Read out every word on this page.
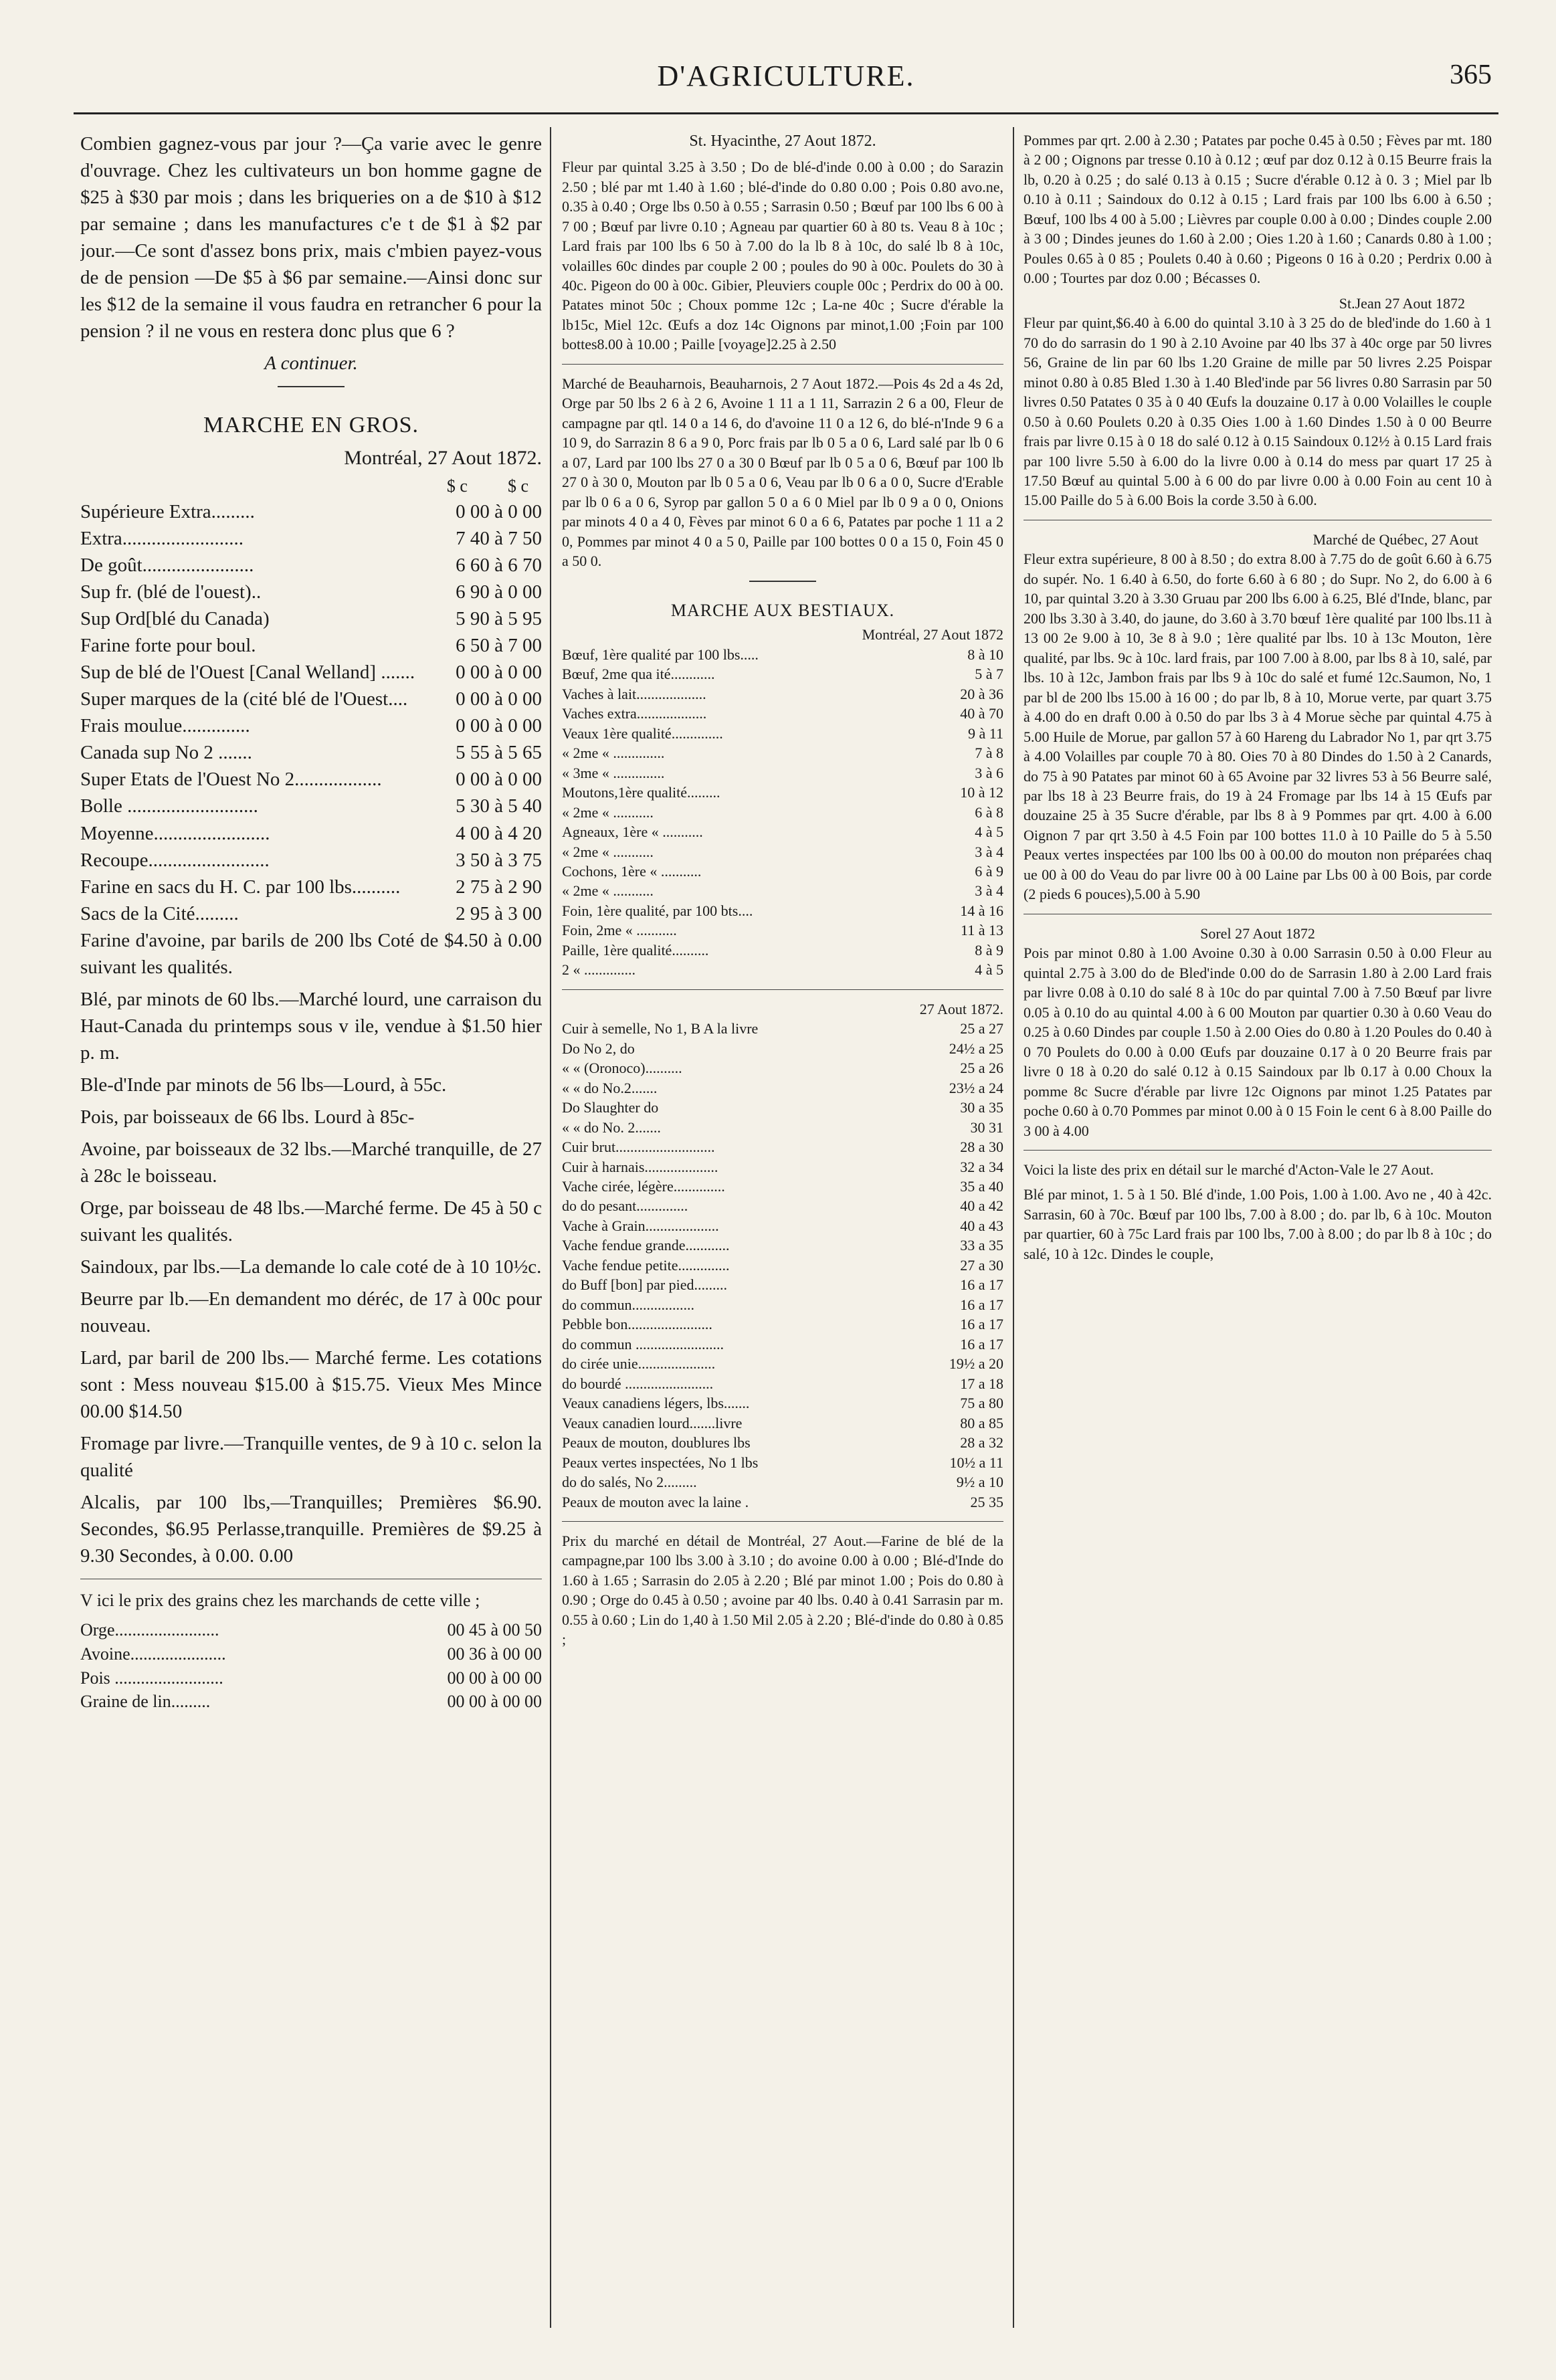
D'AGRICULTURE.	365

Combien gagnez-vous par jour ?—Ça varie avec le genre d'ouvrage. Chez les cultivateurs un bon homme gagne de $25 à $30 par mois ; dans les briqueries on a de $10 à $12 par semaine ; dans les manufactures c'e t de $1 à $2 par jour.—Ce sont d'assez bons prix, mais c'mbien payez-vous de de pension —De $5 à $6 par semaine.—Ainsi donc sur les $12 de la semaine il vous faudra en retrancher 6 pour la pension ? il ne vous en restera donc plus que 6 ?

A continuer.

MARCHE EN GROS.
Montréal, 27 Aout 1872.
$ c $ c
Supérieure Extra.........	0 00 à 0 00
Extra.........................	7 40 à 7 50
De goût.......................	6 60 à 6 70
Sup fr. (blé de l'ouest)..	6 90 à 0 00
Sup Ord[blé du Canada)	5 90 à 5 95
Farine forte pour boul.	6 50 à 7 00
Sup de blé de l'Ouest [Canal Welland] .......	0 00 à 0 00
Super marques de la (cité blé de l'Ouest....	0 00 à 0 00
Frais moulue..............	0 00 à 0 00
Canada sup No 2 .......	5 55 à 5 65
Super Etats de l'Ouest No 2..................	0 00 à 0 00
Bolle ...........................	5 30 à 5 40
Moyenne........................	4 00 à 4 20
Recoupe.........................	3 50 à 3 75
Farine en sacs du H. C. par 100 lbs..........	2 75 à 2 90
Sacs de la Cité.........	2 95 à 3 00

Farine d'avoine, par barils de 200 lbs Coté de $4.50 à 0.00 suivant les qualités.

Blé, par minots de 60 lbs.—Marché lourd, une carraison du Haut-Canada du printemps sous v ile, vendue à $1.50 hier p. m.

Ble-d'Inde par minots de 56 lbs—Lourd, à 55c.

Pois, par boisseaux de 66 lbs. Lourd à 85c-

Avoine, par boisseaux de 32 lbs.—Marché tranquille, de 27 à 28c le boisseau.

Orge, par boisseau de 48 lbs.—Marché ferme. De 45 à 50 c suivant les qualités.

Saindoux, par lbs.—La demande lo cale coté de à 10 10½c.

Beurre par lb.—En demandent mo déréc, de 17 à 00c pour nouveau.

Lard, par baril de 200 lbs.— Marché ferme. Les cotations sont : Mess nouveau $15.00 à $15.75. Vieux Mes Mince 00.00 $14.50

Fromage par livre.—Tranquille ventes, de 9 à 10 c. selon la qualité

Alcalis, par 100 lbs,—Tranquilles; Premières $6.90. Secondes, $6.95 Perlasse,tranquille. Premières de $9.25 à 9.30 Secondes, à 0.00. 0.00

V ici le prix des grains chez les marchands de cette ville ;

Orge........................	00 45 à 00 50
Avoine......................	00 36 à 00 00
Pois .........................	00 00 à 00 00
Graine de lin.........	00 00 à 00 00

St. Hyacinthe, 27 Aout 1872.

Fleur par quintal 3.25 à 3.50 ; Do de blé-d'inde 0.00 à 0.00 ; do Sarazin 2.50 ; blé par mt 1.40 à 1.60 ; blé-d'inde do 0.80 0.00 ; Pois 0.80 avo.ne, 0.35 à 0.40 ; Orge lbs 0.50 à 0.55 ; Sarrasin 0.50 ; Bœuf par 100 lbs 6 00 à 7 00 ; Bœuf par livre 0.10 ; Agneau par quartier 60 à 80 ts. Veau 8 à 10c ; Lard frais par 100 lbs 6 50 à 7.00 do la lb 8 à 10c, do salé lb 8 à 10c, volailles 60c dindes par couple 2 00 ; poules do 90 à 00c. Poulets do 30 à 40c. Pigeon do 00 à 00c. Gibier, Pleuviers couple 00c ; Perdrix do 00 à 00. Patates minot 50c ; Choux pomme 12c ; La-ne 40c ; Sucre d'érable la lb15c, Miel 12c. Œufs a doz 14c Oignons par minot,1.00 ;Foin par 100 bottes8.00 à 10.00 ; Paille [voyage]2.25 à 2.50

Marché de Beauharnois, Beauharnois, 2 7 Aout 1872.—Pois 4s 2d a 4s 2d, Orge par 50 lbs 2 6 à 2 6, Avoine 1 11 a 1 11, Sarrazin 2 6 a 00, Fleur de campagne par qtl. 14 0 a 14 6, do d'avoine 11 0 a 12 6, do blé-n'Inde 9 6 a 10 9, do Sarrazin 8 6 a 9 0, Porc frais par lb 0 5 a 0 6, Lard salé par lb 0 6 a 07, Lard par 100 lbs 27 0 a 30 0 Bœuf par lb 0 5 a 0 6, Bœuf par 100 lb 27 0 à 30 0, Mouton par lb 0 5 a 0 6, Veau par lb 0 6 a 0 0, Sucre d'Erable par lb 0 6 a 0 6, Syrop par gallon 5 0 a 6 0 Miel par lb 0 9 a 0 0, Onions par minots 4 0 a 4 0, Fèves par minot 6 0 a 6 6, Patates par poche 1 11 a 2 0, Pommes par minot 4 0 a 5 0, Paille par 100 bottes 0 0 a 15 0, Foin 45 0 a 50 0.

MARCHE AUX BESTIAUX.
Montréal, 27 Aout 1872
Bœuf, 1ère qualité par 100 lbs.....	8 à 10
Bœuf, 2me qua ité............	5 à 7
Vaches à lait...................	20 à 36
Vaches extra...................	40 à 70
Veaux 1ère qualité..............	9 à 11
« 2me « ..............	7 à 8
« 3me « ..............	3 à 6
Moutons,1ère qualité.........	10 à 12
« 2me « ...........	6 à 8
Agneaux, 1ère « ...........	4 à 5
« 2me « ...........	3 à 4
Cochons, 1ère « ...........	6 à 9
« 2me « ...........	3 à 4
Foin, 1ère qualité, par 100 bts....	14 à 16
Foin, 2me « ...........	11 à 13
Paille, 1ère qualité..........	8 à 9
2 « ..............	4 à 5
27 Aout 1872.
Cuir à semelle, No 1, B A la livre	25 a 27
Do No 2, do	24½ a 25
« « (Oronoco)..........	25 a 26
« « do No.2.......	23½ a 24
Do Slaughter do	30 a 35
« « do No. 2.......	30 31
Cuir brut...........................	28 a 30
Cuir à harnais....................	32 a 34
Vache cirée, légère..............	35 a 40
do do pesant..............	40 a 42
Vache à Grain....................	40 a 43
Vache fendue grande............	33 a 35
Vache fendue petite..............	27 a 30
do Buff [bon] par pied.........	16 a 17
do commun.................	16 a 17
Pebble bon.......................	16 a 17
do commun ........................	16 a 17
do cirée unie.....................	19½ a 20
do bourdé ........................	17 a 18
Veaux canadiens légers, lbs.......	75 a 80
Veaux canadien lourd.......livre	80 a 85
Peaux de mouton, doublures lbs	28 a 32
Peaux vertes inspectées, No 1 lbs	10½ a 11
do do salés, No 2.........	9½ a 10
Peaux de mouton avec la laine .	25 35

Prix du marché en détail de Montréal, 27 Aout.—Farine de blé de la campagne,par 100 lbs 3.00 à 3.10 ; do avoine 0.00 à 0.00 ; Blé-d'Inde do 1.60 à 1.65 ; Sarrasin do 2.05 à 2.20 ; Blé par minot 1.00 ; Pois do 0.80 à 0.90 ; Orge do 0.45 à 0.50 ; avoine par 40 lbs. 0.40 à 0.41 Sarrasin par m. 0.55 à 0.60 ; Lin do 1,40 à 1.50 Mil 2.05 à 2.20 ; Blé-d'inde do 0.80 à 0.85 ;

Pommes par qrt. 2.00 à 2.30 ; Patates par poche 0.45 à 0.50 ; Fèves par mt. 180 à 2 00 ; Oignons par tresse 0.10 à 0.12 ; œuf par doz 0.12 à 0.15 Beurre frais la lb, 0.20 à 0.25 ; do salé 0.13 à 0.15 ; Sucre d'érable 0.12 à 0. 3 ; Miel par lb 0.10 à 0.11 ; Saindoux do 0.12 à 0.15 ; Lard frais par 100 lbs 6.00 à 6.50 ; Bœuf, 100 lbs 4 00 à 5.00 ; Lièvres par couple 0.00 à 0.00 ; Dindes couple 2.00 à 3 00 ; Dindes jeunes do 1.60 à 2.00 ; Oies 1.20 à 1.60 ; Canards 0.80 à 1.00 ; Poules 0.65 à 0 85 ; Poulets 0.40 à 0.60 ; Pigeons 0 16 à 0.20 ; Perdrix 0.00 à 0.00 ; Tourtes par doz 0.00 ; Bécasses 0.

St.Jean 27 Aout 1872

Fleur par quint,$6.40 à 6.00 do quintal 3.10 à 3 25 do de bled'inde do 1.60 à 1 70 do do sarrasin do 1 90 à 2.10 Avoine par 40 lbs 37 à 40c orge par 50 livres 56, Graine de lin par 60 lbs 1.20 Graine de mille par 50 livres 2.25 Poispar minot 0.80 à 0.85 Bled 1.30 à 1.40 Bled'inde par 56 livres 0.80 Sarrasin par 50 livres 0.50 Patates 0 35 à 0 40 Œufs la douzaine 0.17 à 0.00 Volailles le couple 0.50 à 0.60 Poulets 0.20 à 0.35 Oies 1.00 à 1.60 Dindes 1.50 à 0 00 Beurre frais par livre 0.15 à 0 18 do salé 0.12 à 0.15 Saindoux 0.12½ à 0.15 Lard frais par 100 livre 5.50 à 6.00 do la livre 0.00 à 0.14 do mess par quart 17 25 à 17.50 Bœuf au quintal 5.00 à 6 00 do par livre 0.00 à 0.00 Foin au cent 10 à 15.00 Paille do 5 à 6.00 Bois la corde 3.50 à 6.00.

Marché de Québec, 27 Aout

Fleur extra supérieure, 8 00 à 8.50 ; do extra 8.00 à 7.75 do de goût 6.60 à 6.75 do supér. No. 1 6.40 à 6.50, do forte 6.60 à 6 80 ; do Supr. No 2, do 6.00 à 6 10, par quintal 3.20 à 3.30 Gruau par 200 lbs 6.00 à 6.25, Blé d'Inde, blanc, par 200 lbs 3.30 à 3.40, do jaune, do 3.60 à 3.70 bœuf 1ère qualité par 100 lbs.11 à 13 00 2e 9.00 à 10, 3e 8 à 9.0 ; 1ère qualité par lbs. 10 à 13c Mouton, 1ère qualité, par lbs. 9c à 10c. lard frais, par 100 7.00 à 8.00, par lbs 8 à 10, salé, par lbs. 10 à 12c, Jambon frais par lbs 9 à 10c do salé et fumé 12c.Saumon, No, 1 par bl de 200 lbs 15.00 à 16 00 ; do par lb, 8 à 10, Morue verte, par quart 3.75 à 4.00 do en draft 0.00 à 0.50 do par lbs 3 à 4 Morue sèche par quintal 4.75 à 5.00 Huile de Morue, par gallon 57 à 60 Hareng du Labrador No 1, par qrt 3.75 à 4.00 Volailles par couple 70 à 80. Oies 70 à 80 Dindes do 1.50 à 2 Canards, do 75 à 90 Patates par minot 60 à 65 Avoine par 32 livres 53 à 56 Beurre salé, par lbs 18 à 23 Beurre frais, do 19 à 24 Fromage par lbs 14 à 15 Œufs par douzaine 25 à 35 Sucre d'érable, par lbs 8 à 9 Pommes par qrt. 4.00 à 6.00 Oignon 7 par qrt 3.50 à 4.5 Foin par 100 bottes 11.0 à 10 Paille do 5 à 5.50 Peaux vertes inspectées par 100 lbs 00 à 00.00 do mouton non préparées chaq ue 00 à 00 do Veau do par livre 00 à 00 Laine par Lbs 00 à 00 Bois, par corde (2 pieds 6 pouces),5.00 à 5.90

Sorel 27 Aout 1872

Pois par minot 0.80 à 1.00 Avoine 0.30 à 0.00 Sarrasin 0.50 à 0.00 Fleur au quintal 2.75 à 3.00 do de Bled'inde 0.00 do de Sarrasin 1.80 à 2.00 Lard frais par livre 0.08 à 0.10 do salé 8 à 10c do par quintal 7.00 à 7.50 Bœuf par livre 0.05 à 0.10 do au quintal 4.00 à 6 00 Mouton par quartier 0.30 à 0.60 Veau do 0.25 à 0.60 Dindes par couple 1.50 à 2.00 Oies do 0.80 à 1.20 Poules do 0.40 à 0 70 Poulets do 0.00 à 0.00 Œufs par douzaine 0.17 à 0 20 Beurre frais par livre 0 18 à 0.20 do salé 0.12 à 0.15 Saindoux par lb 0.17 à 0.00 Choux la pomme 8c Sucre d'érable par livre 12c Oignons par minot 1.25 Patates par poche 0.60 à 0.70 Pommes par minot 0.00 à 0 15 Foin le cent 6 à 8.00 Paille do 3 00 à 4.00

Voici la liste des prix en détail sur le marché d'Acton-Vale le 27 Aout.

Blé par minot, 1. 5 à 1 50. Blé d'inde, 1.00 Pois, 1.00 à 1.00. Avo ne , 40 à 42c. Sarrasin, 60 à 70c. Bœuf par 100 lbs, 7.00 à 8.00 ; do. par lb, 6 à 10c. Mouton par quartier, 60 à 75c Lard frais par 100 lbs, 7.00 à 8.00 ; do par lb 8 à 10c ; do salé, 10 à 12c. Dindes le couple,
